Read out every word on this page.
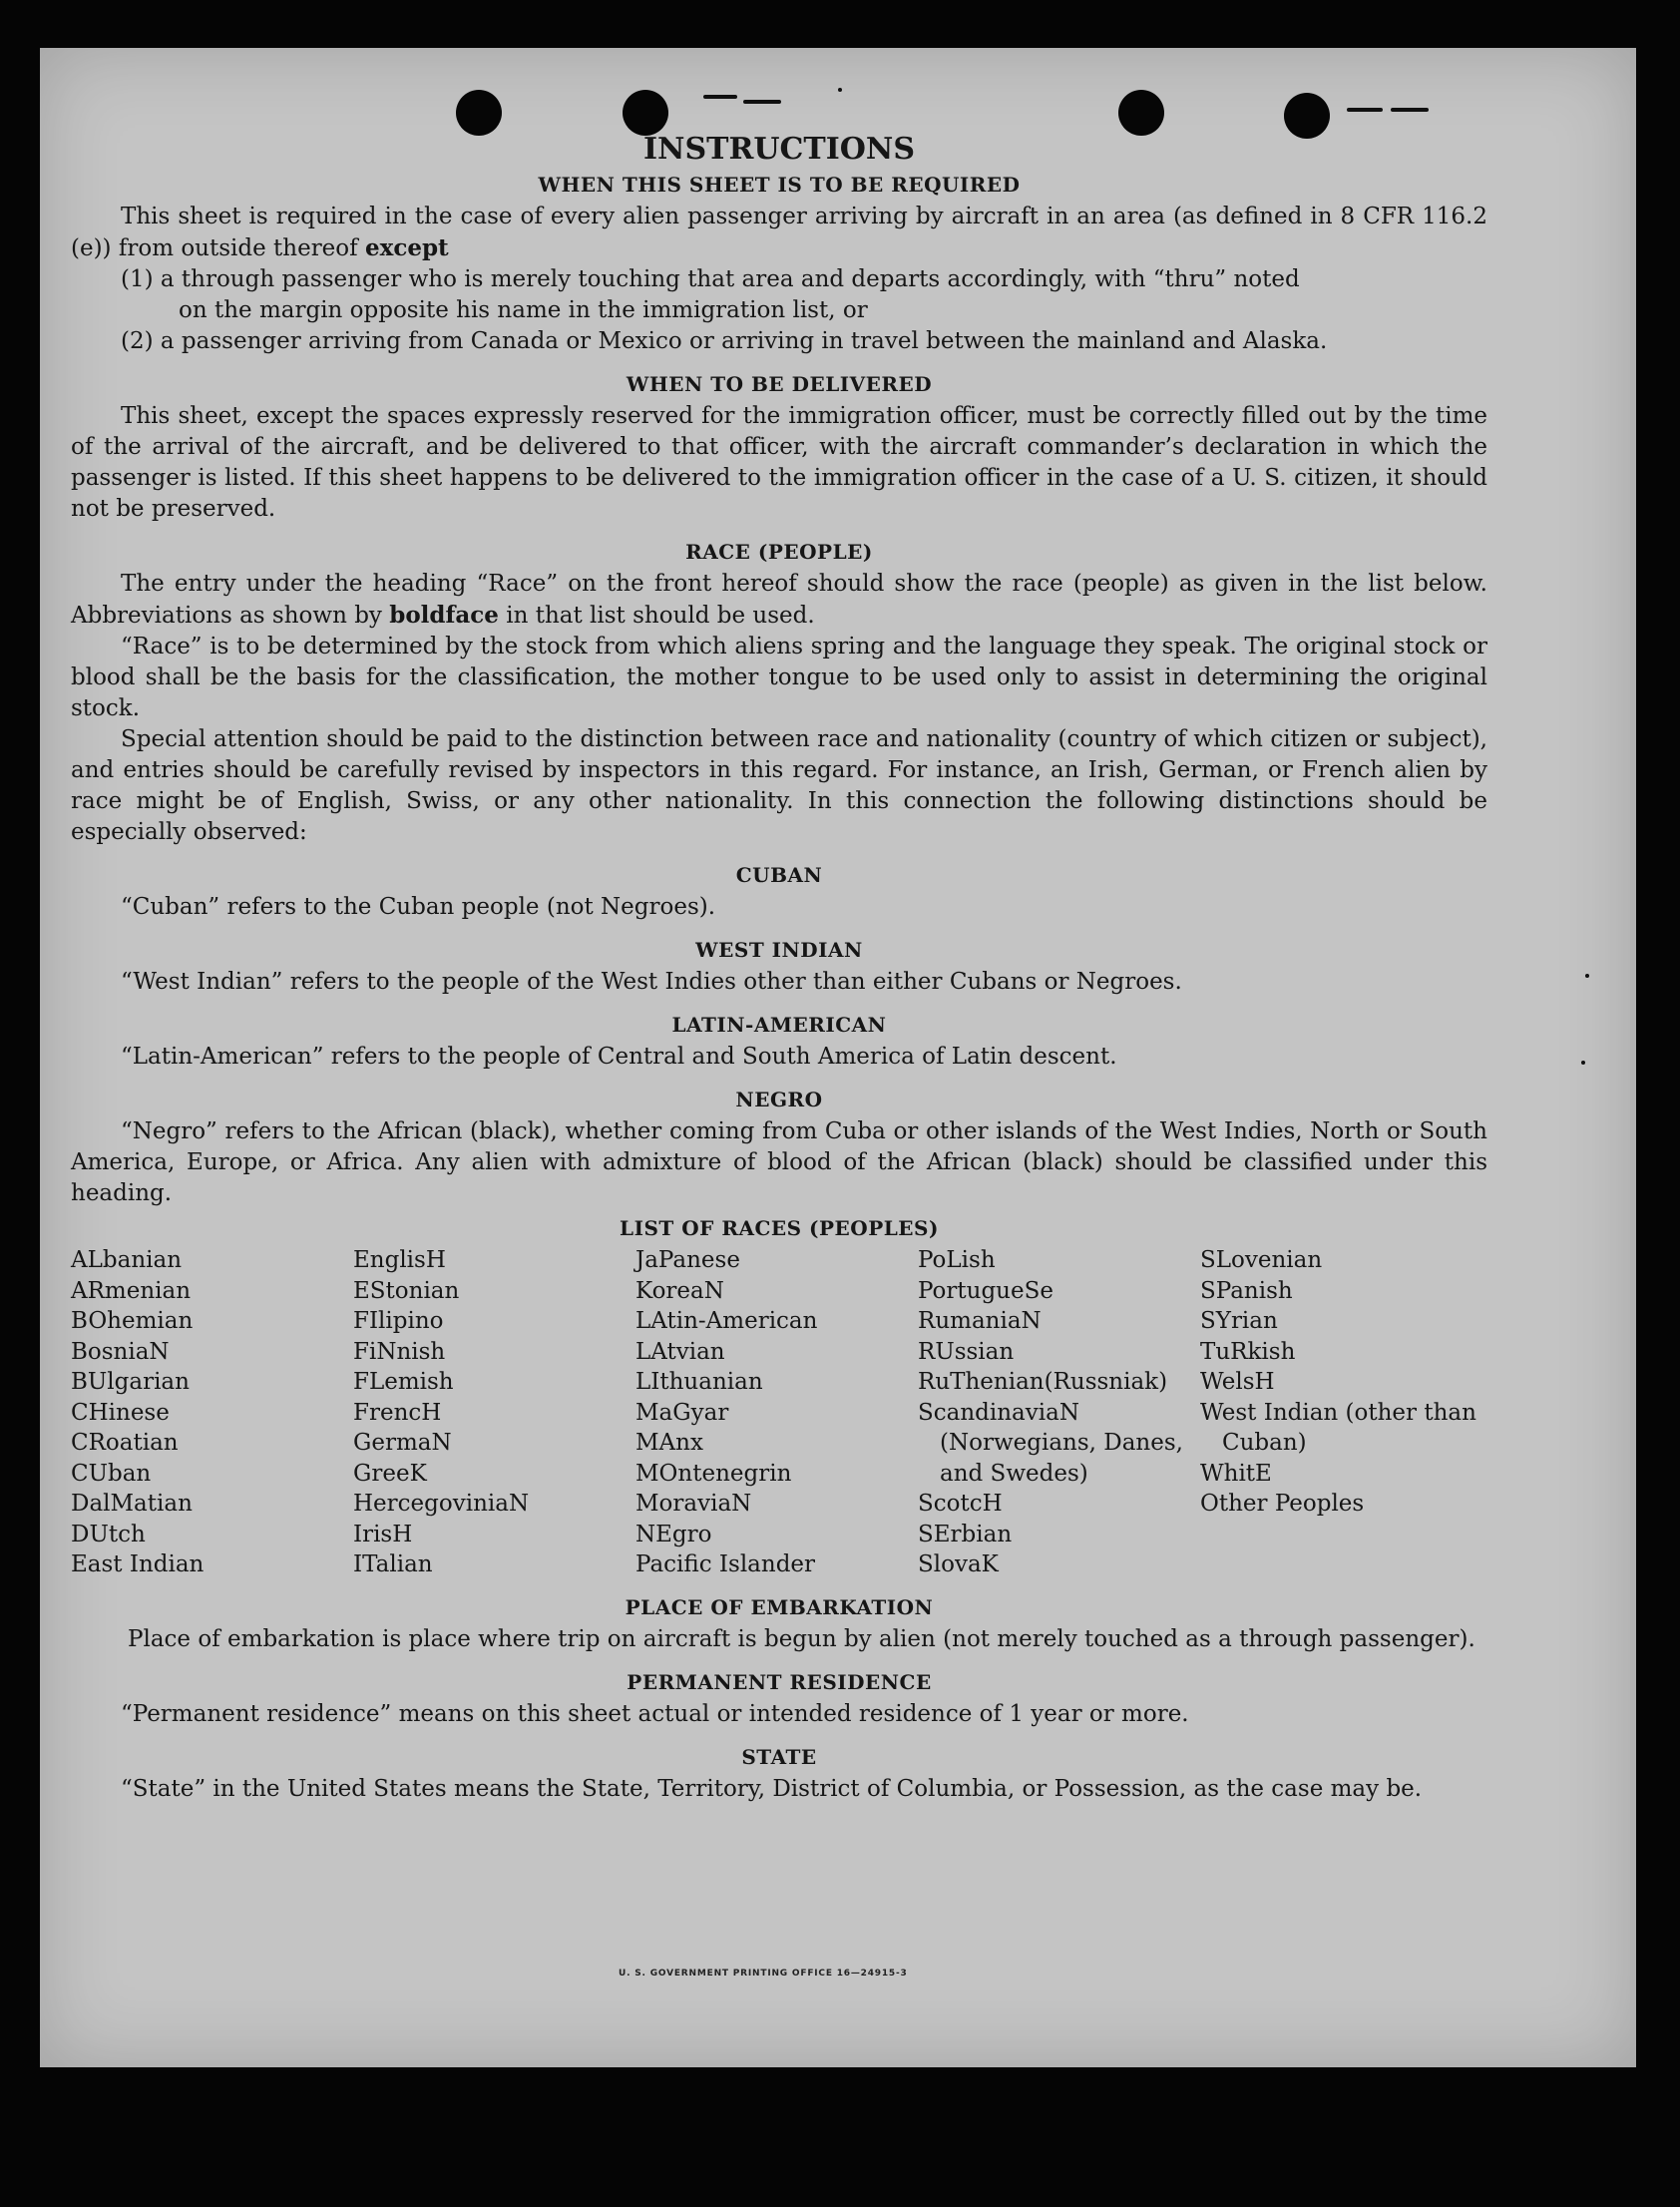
INSTRUCTIONS
WHEN THIS SHEET IS TO BE REQUIRED

This sheet is required in the case of every alien passenger arriving by aircraft in an area (as defined in 8 CFR 116.2 (e)) from outside thereof except

(1) a through passenger who is merely touching that area and departs accordingly, with “thru” noted

on the margin opposite his name in the immigration list, or

(2) a passenger arriving from Canada or Mexico or arriving in travel between the mainland and Alaska.

WHEN TO BE DELIVERED

This sheet, except the spaces expressly reserved for the immigration officer, must be correctly filled out by the time of the arrival of the aircraft, and be delivered to that officer, with the aircraft commander’s declaration in which the passenger is listed. If this sheet happens to be delivered to the immigration officer in the case of a U. S. citizen, it should not be preserved.

RACE (PEOPLE)

The entry under the heading “Race” on the front hereof should show the race (people) as given in the list below. Abbreviations as shown by boldface in that list should be used.

“Race” is to be determined by the stock from which aliens spring and the language they speak. The original stock or blood shall be the basis for the classification, the mother tongue to be used only to assist in determining the original stock.

Special attention should be paid to the distinction between race and nationality (country of which citizen or subject), and entries should be carefully revised by inspectors in this regard. For instance, an Irish, German, or French alien by race might be of English, Swiss, or any other nationality. In this connection the following distinctions should be especially observed:

CUBAN

“Cuban” refers to the Cuban people (not Negroes).

WEST INDIAN

“West Indian” refers to the people of the West Indies other than either Cubans or Negroes.

LATIN-AMERICAN

“Latin-American” refers to the people of Central and South America of Latin descent.

NEGRO

“Negro” refers to the African (black), whether coming from Cuba or other islands of the West Indies, North or South America, Europe, or Africa. Any alien with admixture of blood of the African (black) should be classified under this heading.

LIST OF RACES (PEOPLES)
ALbanian
ARmenian
BOhemian
BosniaN
BUlgarian
CHinese
CRoatian
CUban
DalMatian
DUtch
East Indian
EnglisH
EStonian
FIlipino
FiNnish
FLemish
FrencH
GermaN
GreeK
HercegoviniaN
IrisH
ITalian
JaPanese
KoreaN
LAtin-American
LAtvian
LIthuanian
MaGyar
MAnx
MOntenegrin
MoraviaN
NEgro
Pacific Islander
PoLish
PortugueSe
RumaniaN
RUssian
RuThenian(Russniak)
ScandinaviaN (Norwegians, Danes, and Swedes)
ScotcH
SErbian
SlovaK
SLovenian
SPanish
SYrian
TuRkish
WelsH
West Indian (other than Cuban)
WhitE
Other Peoples
PLACE OF EMBARKATION

Place of embarkation is place where trip on aircraft is begun by alien (not merely touched as a through passenger).

PERMANENT RESIDENCE

“Permanent residence” means on this sheet actual or intended residence of 1 year or more.

STATE

“State” in the United States means the State, Territory, District of Columbia, or Possession, as the case may be.

U. S. GOVERNMENT PRINTING OFFICE 16—24915-3
